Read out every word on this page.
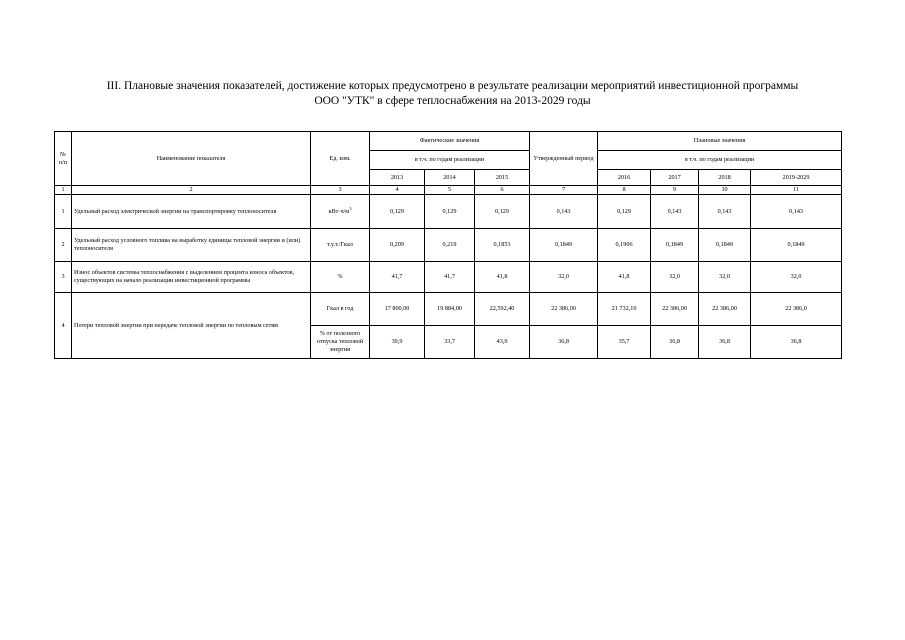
III. Плановые значения показателей, достижение которых предусмотрено в результате реализации мероприятий инвестиционной программы
ООО "УТК" в сфере теплоснабжения на 2013-2029 годы
№ п/п	Наименование показателя	Ед. изм.	Фактические значения			Утвержденный период	Плановые значения			
			в т.ч. по годам реализации				в т.ч. по годам реализации			
			2013	2014	2015		2016	2017	2018	2019-2029
1	2	3	4	5	6	7	8	9	10	11
1	Удельный расход электрической энергии на транспортировку теплоносителя	$кВт\cdot ч/м^3$	0,129	0,129	0,129	0,143	0,129	0,143	0,143	0,143
2	Удельный расход условного топлива на выработку единицы тепловой энергии и (или) теплоносителя	т.у.т./Гкал	0,209	0,219	0,1853	0,1849	0,1906	0,1849	0,1849	0,1849
3	Износ объектов системы теплоснабжения с выделением процента износа объектов, существующих на начало реализации инвестиционной программы	%	41,7	41,7	41,8	32,0	41,8	32,0	32,0	32,0
4	Потери тепловой энергии при передаче тепловой энергии по тепловым сетям	Гкал в год	17 800,00	19 884,00	22,592,40	22 386,00	21 732,10	22 386,00	22 386,00	22 386,0
		% от полезного отпуска тепловой энергии	39,9	33,7	43,9	36,8	35,7	36,8	36,8	36,8
